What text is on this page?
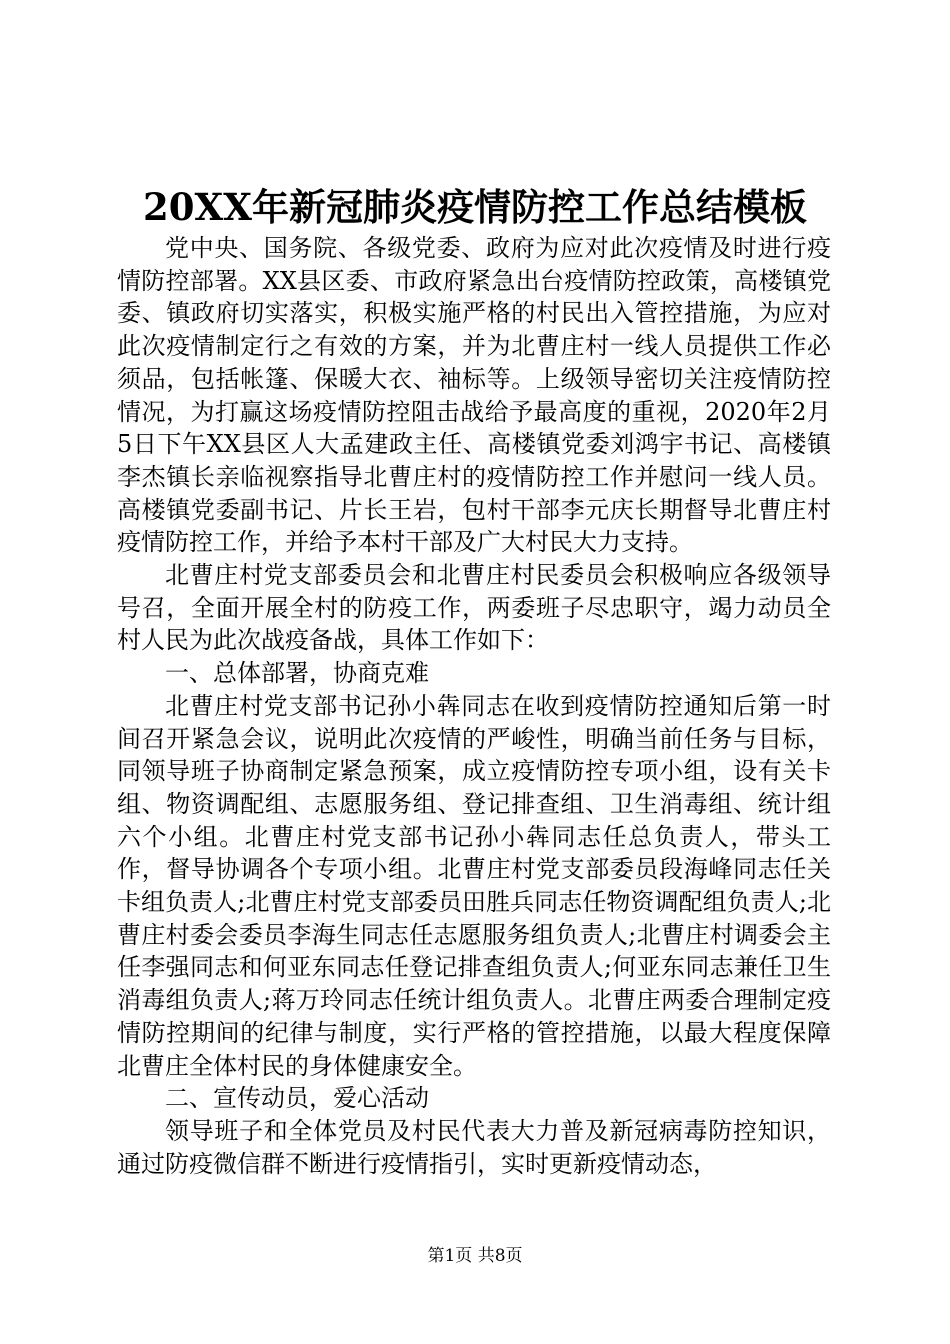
20XX年新冠肺炎疫情防控工作总结模板

党中央、国务院、各级党委、政府为应对此次疫情及时进行疫情防控部署。XX县区委、市政府紧急出台疫情防控政策，高楼镇党委、镇政府切实落实，积极实施严格的村民出入管控措施，为应对此次疫情制定行之有效的方案，并为北曹庄村一线人员提供工作必须品，包括帐篷、保暖大衣、袖标等。上级领导密切关注疫情防控情况，为打赢这场疫情防控阻击战给予最高度的重视，2020年2月5日下午XX县区人大孟建政主任、高楼镇党委刘鸿宇书记、高楼镇李杰镇长亲临视察指导北曹庄村的疫情防控工作并慰问一线人员。高楼镇党委副书记、片长王岩，包村干部李元庆长期督导北曹庄村疫情防控工作，并给予本村干部及广大村民大力支持。

北曹庄村党支部委员会和北曹庄村民委员会积极响应各级领导号召，全面开展全村的防疫工作，两委班子尽忠职守，竭力动员全村人民为此次战疫备战，具体工作如下：

一、总体部署，协商克难

北曹庄村党支部书记孙小犇同志在收到疫情防控通知后第一时间召开紧急会议，说明此次疫情的严峻性，明确当前任务与目标，同领导班子协商制定紧急预案，成立疫情防控专项小组，设有关卡组、物资调配组、志愿服务组、登记排查组、卫生消毒组、统计组六个小组。北曹庄村党支部书记孙小犇同志任总负责人，带头工作，督导协调各个专项小组。北曹庄村党支部委员段海峰同志任关卡组负责人;北曹庄村党支部委员田胜兵同志任物资调配组负责人;北曹庄村委会委员李海生同志任志愿服务组负责人;北曹庄村调委会主任李强同志和何亚东同志任登记排查组负责人;何亚东同志兼任卫生消毒组负责人;蒋万玲同志任统计组负责人。北曹庄两委合理制定疫情防控期间的纪律与制度，实行严格的管控措施，以最大程度保障北曹庄全体村民的身体健康安全。

二、宣传动员，爱心活动

领导班子和全体党员及村民代表大力普及新冠病毒防控知识，通过防疫微信群不断进行疫情指引，实时更新疫情动态，

第1页 共8页
